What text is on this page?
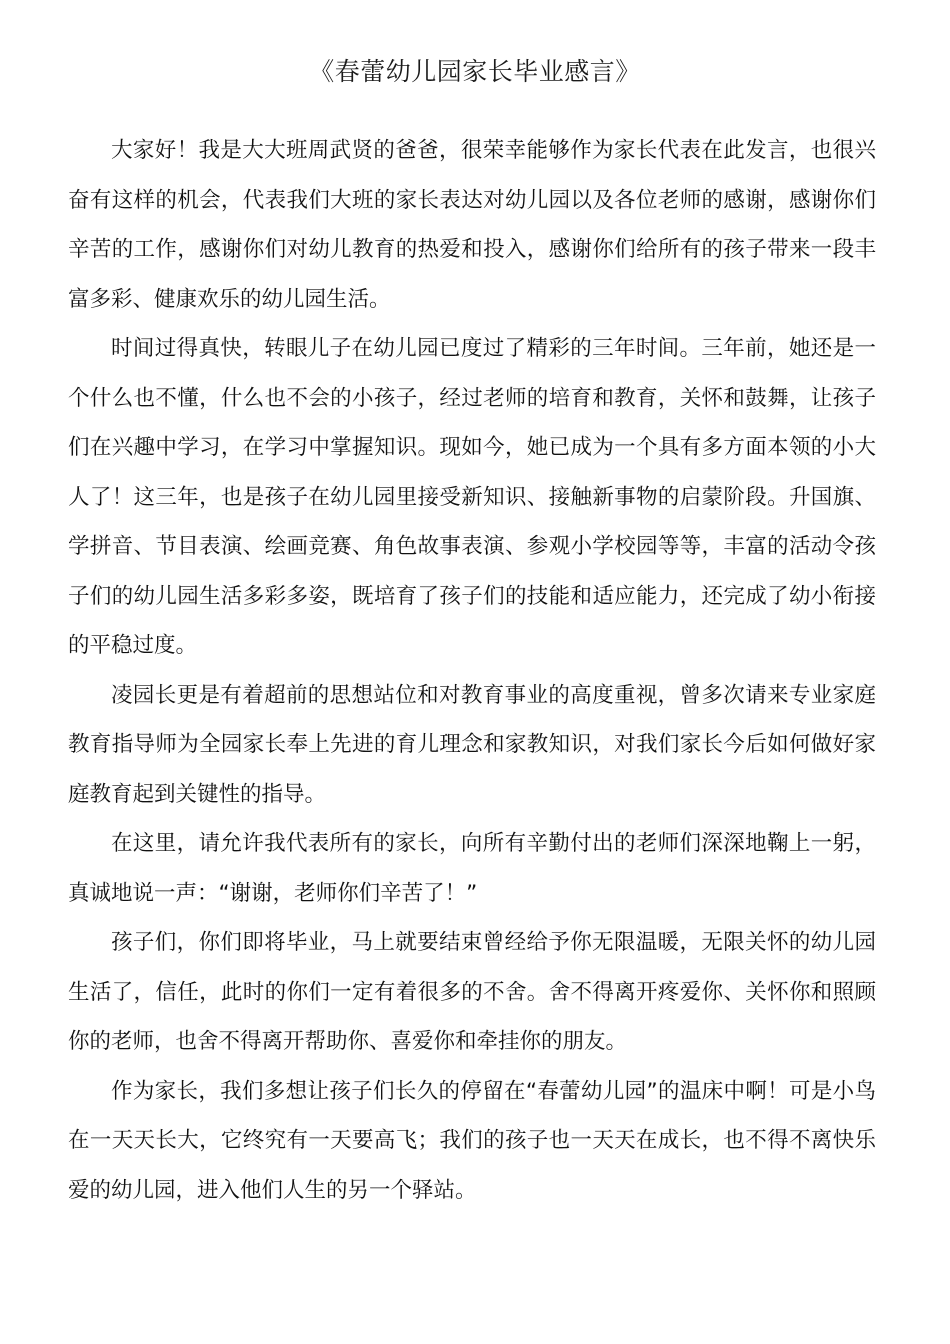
《春蕾幼儿园家长毕业感言》

大家好！我是大大班周武贤的爸爸，很荣幸能够作为家长代表在此发言，也很兴奋有这样的机会，代表我们大班的家长表达对幼儿园以及各位老师的感谢，感谢你们辛苦的工作，感谢你们对幼儿教育的热爱和投入，感谢你们给所有的孩子带来一段丰富多彩、健康欢乐的幼儿园生活。

时间过得真快，转眼儿子在幼儿园已度过了精彩的三年时间。三年前，她还是一个什么也不懂，什么也不会的小孩子，经过老师的培育和教育，关怀和鼓舞，让孩子们在兴趣中学习，在学习中掌握知识。现如今，她已成为一个具有多方面本领的小大人了！这三年，也是孩子在幼儿园里接受新知识、接触新事物的启蒙阶段。升国旗、学拼音、节目表演、绘画竞赛、角色故事表演、参观小学校园等等，丰富的活动令孩子们的幼儿园生活多彩多姿，既培育了孩子们的技能和适应能力，还完成了幼小衔接的平稳过度。

凌园长更是有着超前的思想站位和对教育事业的高度重视，曾多次请来专业家庭教育指导师为全园家长奉上先进的育儿理念和家教知识，对我们家长今后如何做好家庭教育起到关键性的指导。

在这里，请允许我代表所有的家长，向所有辛勤付出的老师们深深地鞠上一躬，真诚地说一声：“谢谢，老师你们辛苦了！”

孩子们，你们即将毕业，马上就要结束曾经给予你无限温暖，无限关怀的幼儿园生活了，信任，此时的你们一定有着很多的不舍。舍不得离开疼爱你、关怀你和照顾你的老师，也舍不得离开帮助你、喜爱你和牵挂你的朋友。

作为家长，我们多想让孩子们长久的停留在“春蕾幼儿园”的温床中啊！可是小鸟在一天天长大，它终究有一天要高飞；我们的孩子也一天天在成长，也不得不离快乐爱的幼儿园，进入他们人生的另一个驿站。
